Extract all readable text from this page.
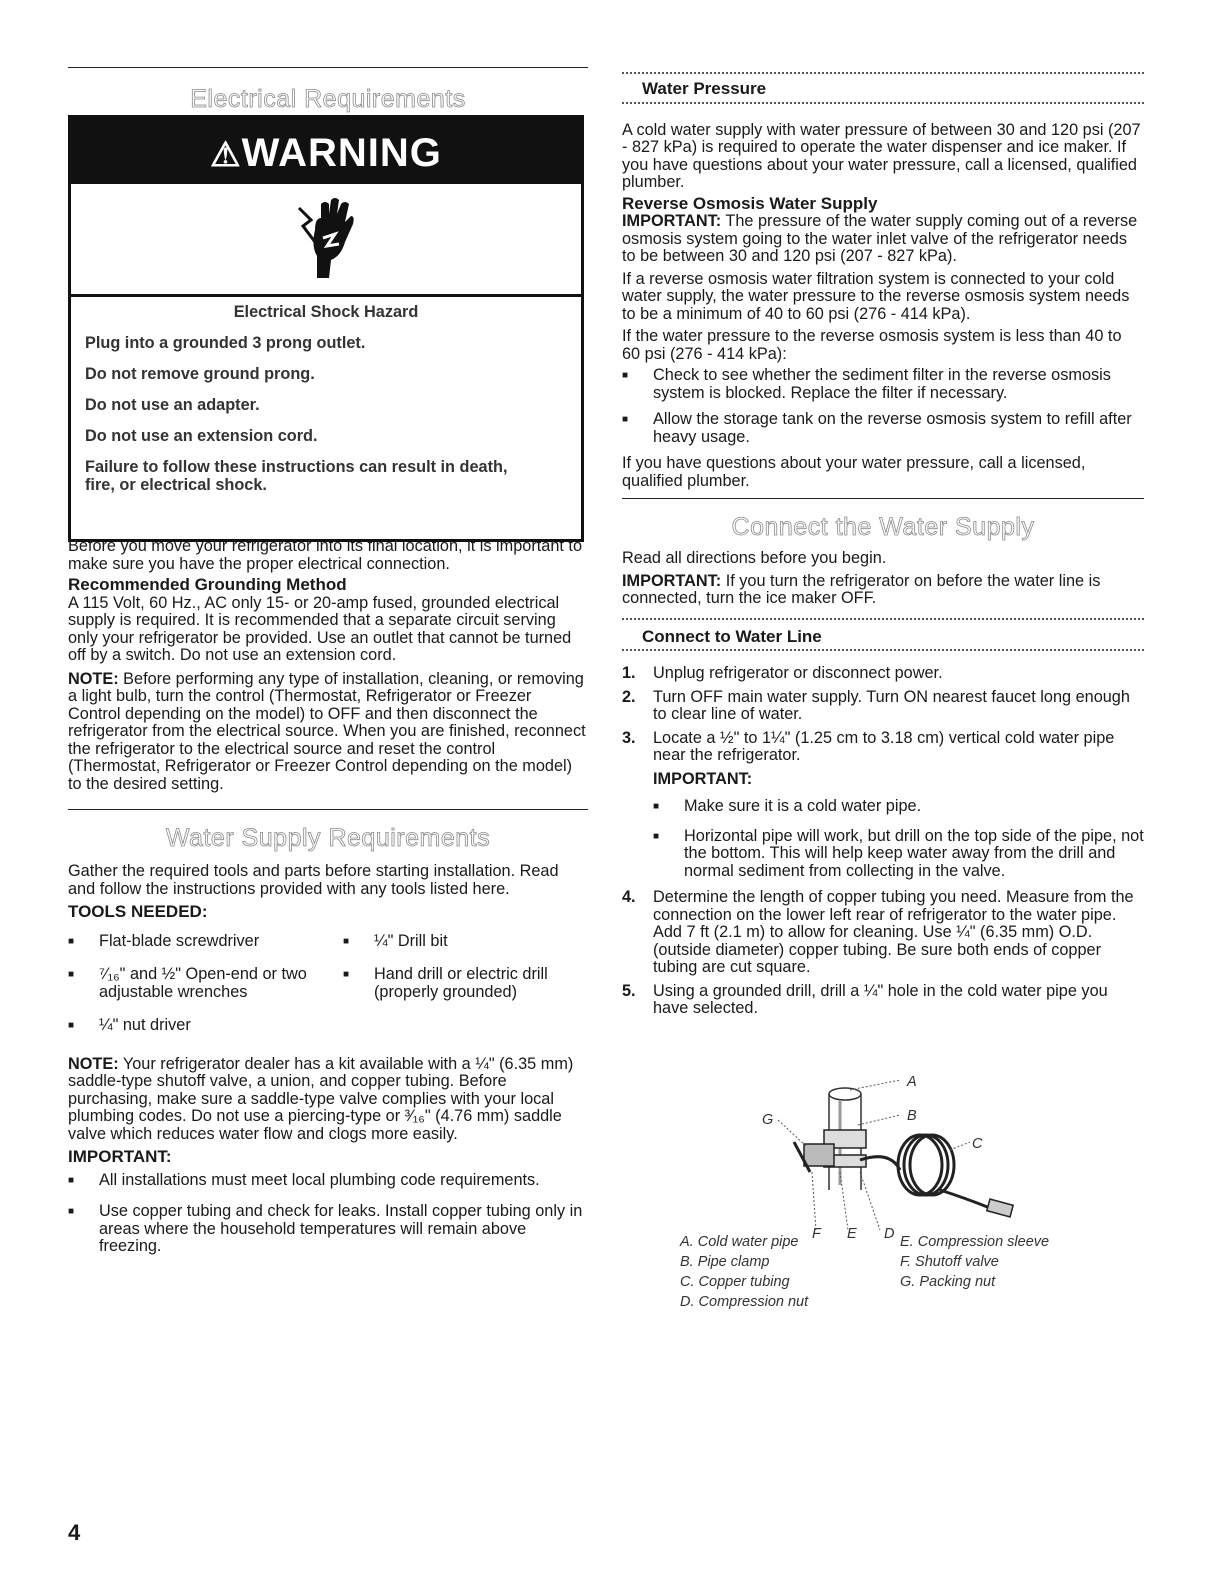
Electrical Requirements
⚠WARNING

Electrical Shock Hazard

Plug into a grounded 3 prong outlet.

Do not remove ground prong.

Do not use an adapter.

Do not use an extension cord.

Failure to follow these instructions can result in death, fire, or electrical shock.

Before you move your refrigerator into its final location, it is important to make sure you have the proper electrical connection.

Recommended Grounding Method

A 115 Volt, 60 Hz., AC only 15- or 20-amp fused, grounded electrical supply is required. It is recommended that a separate circuit serving only your refrigerator be provided. Use an outlet that cannot be turned off by a switch. Do not use an extension cord.

NOTE: Before performing any type of installation, cleaning, or removing a light bulb, turn the control (Thermostat, Refrigerator or Freezer Control depending on the model) to OFF and then disconnect the refrigerator from the electrical source. When you are finished, reconnect the refrigerator to the electrical source and reset the control (Thermostat, Refrigerator or Freezer Control depending on the model) to the desired setting.

Water Supply Requirements

Gather the required tools and parts before starting installation. Read and follow the instructions provided with any tools listed here.

TOOLS NEEDED:

■ Flat-blade screwdriver
■ ⁷⁄₁₆" and ½" Open-end or two adjustable wrenches
■ ¼" nut driver
■ ¼" Drill bit
■ Hand drill or electric drill (properly grounded)

NOTE: Your refrigerator dealer has a kit available with a ¼" (6.35 mm) saddle-type shutoff valve, a union, and copper tubing. Before purchasing, make sure a saddle-type valve complies with your local plumbing codes. Do not use a piercing-type or ³⁄₁₆" (4.76 mm) saddle valve which reduces water flow and clogs more easily.

IMPORTANT:

■ All installations must meet local plumbing code requirements.
■ Use copper tubing and check for leaks. Install copper tubing only in areas where the household temperatures will remain above freezing.

Water Pressure

A cold water supply with water pressure of between 30 and 120 psi (207 - 827 kPa) is required to operate the water dispenser and ice maker. If you have questions about your water pressure, call a licensed, qualified plumber.

Reverse Osmosis Water Supply

IMPORTANT: The pressure of the water supply coming out of a reverse osmosis system going to the water inlet valve of the refrigerator needs to be between 30 and 120 psi (207 - 827 kPa).

If a reverse osmosis water filtration system is connected to your cold water supply, the water pressure to the reverse osmosis system needs to be a minimum of 40 to 60 psi (276 - 414 kPa).

If the water pressure to the reverse osmosis system is less than 40 to 60 psi (276 - 414 kPa):

■ Check to see whether the sediment filter in the reverse osmosis system is blocked. Replace the filter if necessary.
■ Allow the storage tank on the reverse osmosis system to refill after heavy usage.

If you have questions about your water pressure, call a licensed, qualified plumber.

Connect the Water Supply

Read all directions before you begin.

IMPORTANT: If you turn the refrigerator on before the water line is connected, turn the ice maker OFF.

Connect to Water Line

1. Unplug refrigerator or disconnect power.
2. Turn OFF main water supply. Turn ON nearest faucet long enough to clear line of water.
3. Locate a ½" to 1¼" (1.25 cm to 3.18 cm) vertical cold water pipe near the refrigerator.

IMPORTANT:

■ Make sure it is a cold water pipe.
■ Horizontal pipe will work, but drill on the top side of the pipe, not the bottom. This will help keep water away from the drill and normal sediment from collecting in the valve.
4. Determine the length of copper tubing you need. Measure from the connection on the lower left rear of refrigerator to the water pipe. Add 7 ft (2.1 m) to allow for cleaning. Use ¼" (6.35 mm) O.D. (outside diameter) copper tubing. Be sure both ends of copper tubing are cut square.
5. Using a grounded drill, drill a ¼" hole in the cold water pipe you have selected.
A
B
C
D
E
F
G
A. Cold water pipe
B. Pipe clamp
C. Copper tubing
D. Compression nut
E. Compression sleeve
F. Shutoff valve
G. Packing nut
4
